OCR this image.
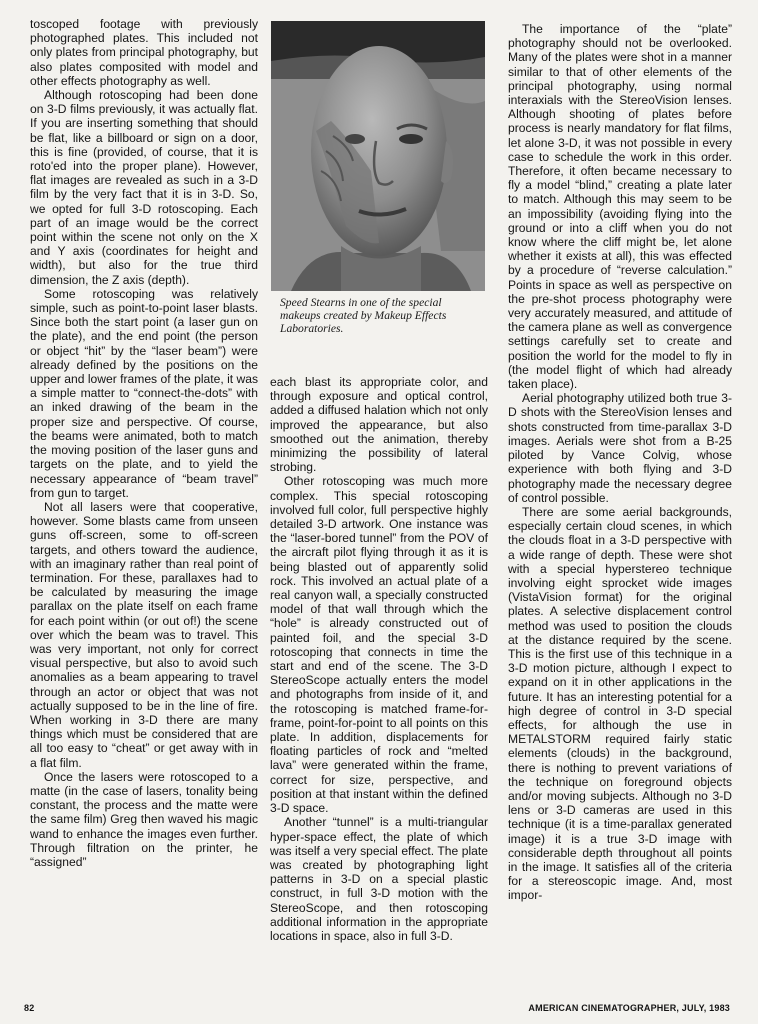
toscoped footage with previously photographed plates. This included not only plates from principal photography, but also plates composited with model and other effects photography as well.

Although rotoscoping had been done on 3-D films previously, it was actually flat. If you are inserting something that should be flat, like a billboard or sign on a door, this is fine (provided, of course, that it is roto'ed into the proper plane). However, flat images are revealed as such in a 3-D film by the very fact that it is in 3-D. So, we opted for full 3-D rotoscoping. Each part of an image would be the correct point within the scene not only on the X and Y axis (coordinates for height and width), but also for the true third dimension, the Z axis (depth).

Some rotoscoping was relatively simple, such as point-to-point laser blasts. Since both the start point (a laser gun on the plate), and the end point (the person or object “hit” by the “laser beam”) were already defined by the positions on the upper and lower frames of the plate, it was a simple matter to “connect-the-dots” with an inked drawing of the beam in the proper size and perspective. Of course, the beams were animated, both to match the moving position of the laser guns and targets on the plate, and to yield the necessary appearance of “beam travel” from gun to target.

Not all lasers were that cooperative, however. Some blasts came from unseen guns off-screen, some to off-screen targets, and others toward the audience, with an imaginary rather than real point of termination. For these, parallaxes had to be calculated by measuring the image parallax on the plate itself on each frame for each point within (or out of!) the scene over which the beam was to travel. This was very important, not only for correct visual perspective, but also to avoid such anomalies as a beam appearing to travel through an actor or object that was not actually supposed to be in the line of fire. When working in 3-D there are many things which must be considered that are all too easy to “cheat” or get away with in a flat film.

Once the lasers were rotoscoped to a matte (in the case of lasers, tonality being constant, the process and the matte were the same film) Greg then waved his magic wand to enhance the images even further. Through filtration on the printer, he “assigned”

Speed Stearns in one of the special makeups created by Makeup Effects Laboratories.

each blast its appropriate color, and through exposure and optical control, added a diffused halation which not only improved the appearance, but also smoothed out the animation, thereby minimizing the possibility of lateral strobing.

Other rotoscoping was much more complex. This special rotoscoping involved full color, full perspective highly detailed 3-D artwork. One instance was the “laser-bored tunnel” from the POV of the aircraft pilot flying through it as it is being blasted out of apparently solid rock. This involved an actual plate of a real canyon wall, a specially constructed model of that wall through which the “hole” is already constructed out of painted foil, and the special 3-D rotoscoping that connects in time the start and end of the scene. The 3-D StereoScope actually enters the model and photographs from inside of it, and the rotoscoping is matched frame-for-frame, point-for-point to all points on this plate. In addition, displacements for floating particles of rock and “melted lava” were generated within the frame, correct for size, perspective, and position at that instant within the defined 3-D space.

Another “tunnel” is a multi-triangular hyper-space effect, the plate of which was itself a very special effect. The plate was created by photographing light patterns in 3-D on a special plastic construct, in full 3-D motion with the StereoScope, and then rotoscoping additional information in the appropriate locations in space, also in full 3-D.

The importance of the “plate” photography should not be overlooked. Many of the plates were shot in a manner similar to that of other elements of the principal photography, using normal interaxials with the StereoVision lenses. Although shooting of plates before process is nearly mandatory for flat films, let alone 3-D, it was not possible in every case to schedule the work in this order. Therefore, it often became necessary to fly a model “blind,” creating a plate later to match. Although this may seem to be an impossibility (avoiding flying into the ground or into a cliff when you do not know where the cliff might be, let alone whether it exists at all), this was effected by a procedure of “reverse calculation.” Points in space as well as perspective on the pre-shot process photography were very accurately measured, and attitude of the camera plane as well as convergence settings carefully set to create and position the world for the model to fly in (the model flight of which had already taken place).

Aerial photography utilized both true 3-D shots with the StereoVision lenses and shots constructed from time-parallax 3-D images. Aerials were shot from a B-25 piloted by Vance Colvig, whose experience with both flying and 3-D photography made the necessary degree of control possible.

There are some aerial backgrounds, especially certain cloud scenes, in which the clouds float in a 3-D perspective with a wide range of depth. These were shot with a special hyperstereo technique involving eight sprocket wide images (VistaVision format) for the original plates. A selective displacement control method was used to position the clouds at the distance required by the scene. This is the first use of this technique in a 3-D motion picture, although I expect to expand on it in other applications in the future. It has an interesting potential for a high degree of control in 3-D special effects, for although the use in METALSTORM required fairly static elements (clouds) in the background, there is nothing to prevent variations of the technique on foreground objects and/or moving subjects. Although no 3-D lens or 3-D cameras are used in this technique (it is a time-parallax generated image) it is a true 3-D image with considerable depth throughout all points in the image. It satisfies all of the criteria for a stereoscopic image. And, most impor-

82	AMERICAN CINEMATOGRAPHER, JULY, 1983
